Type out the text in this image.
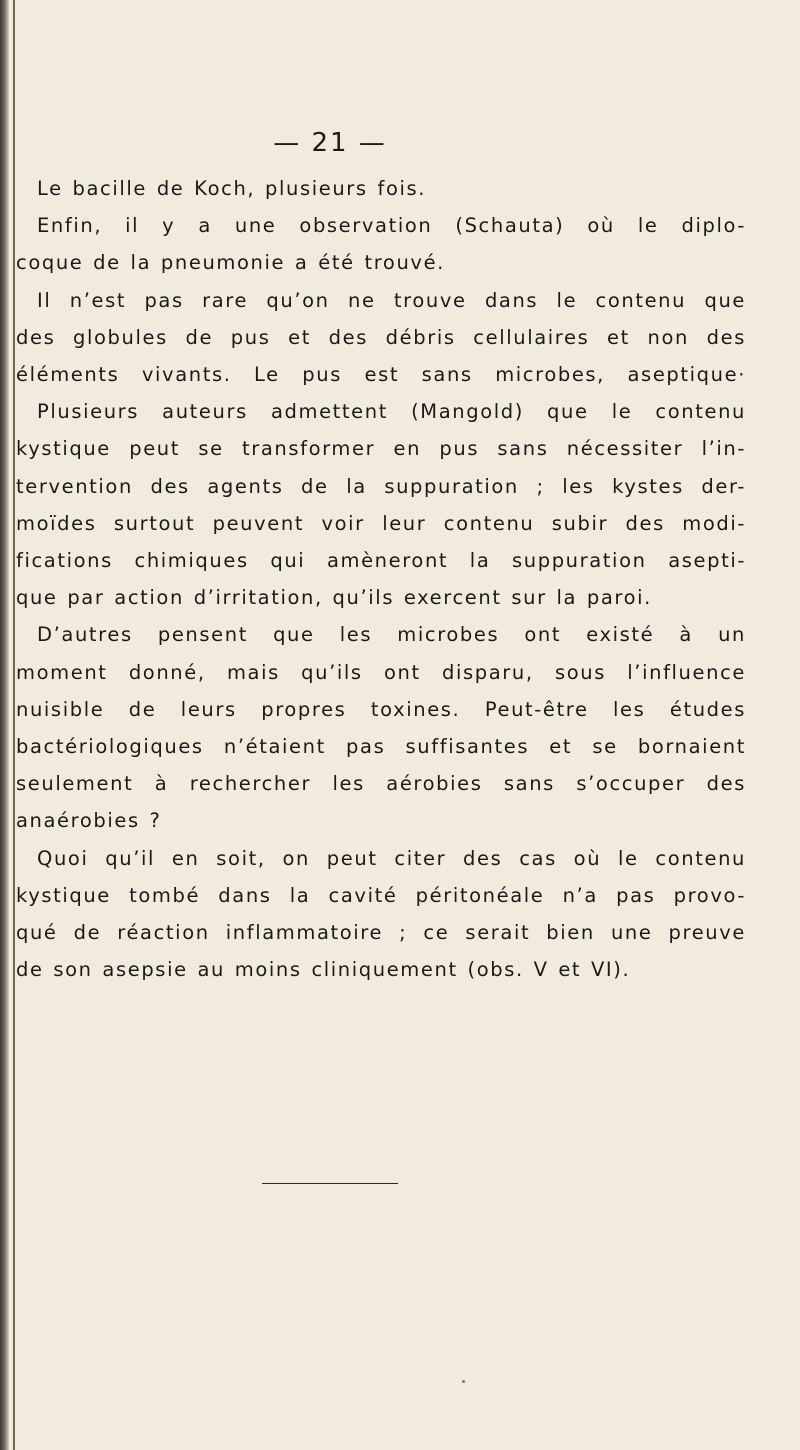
— 21 —

Le bacille de Koch, plusieurs fois.

Enfin, il y a une observation (Schauta) où le diplo-
coque de la pneumonie a été trouvé.

Il n’est pas rare qu’on ne trouve dans le contenu que
des globules de pus et des débris cellulaires et non des
éléments vivants. Le pus est sans microbes, aseptique·

Plusieurs auteurs admettent (Mangold) que le contenu
kystique peut se transformer en pus sans nécessiter l’in-
tervention des agents de la suppuration ; les kystes der-
moïdes surtout peuvent voir leur contenu subir des modi-
fications chimiques qui amèneront la suppuration asepti-
que par action d’irritation, qu’ils exercent sur la paroi.

D’autres pensent que les microbes ont existé à un
moment donné, mais qu’ils ont disparu, sous l’influence
nuisible de leurs propres toxines. Peut-être les études
bactériologiques n’étaient pas suffisantes et se bornaient
seulement à rechercher les aérobies sans s’occuper des
anaérobies ?

Quoi qu’il en soit, on peut citer des cas où le contenu
kystique tombé dans la cavité péritonéale n’a pas provo-
qué de réaction inflammatoire ; ce serait bien une preuve
de son asepsie au moins cliniquement (obs. V et VI).
